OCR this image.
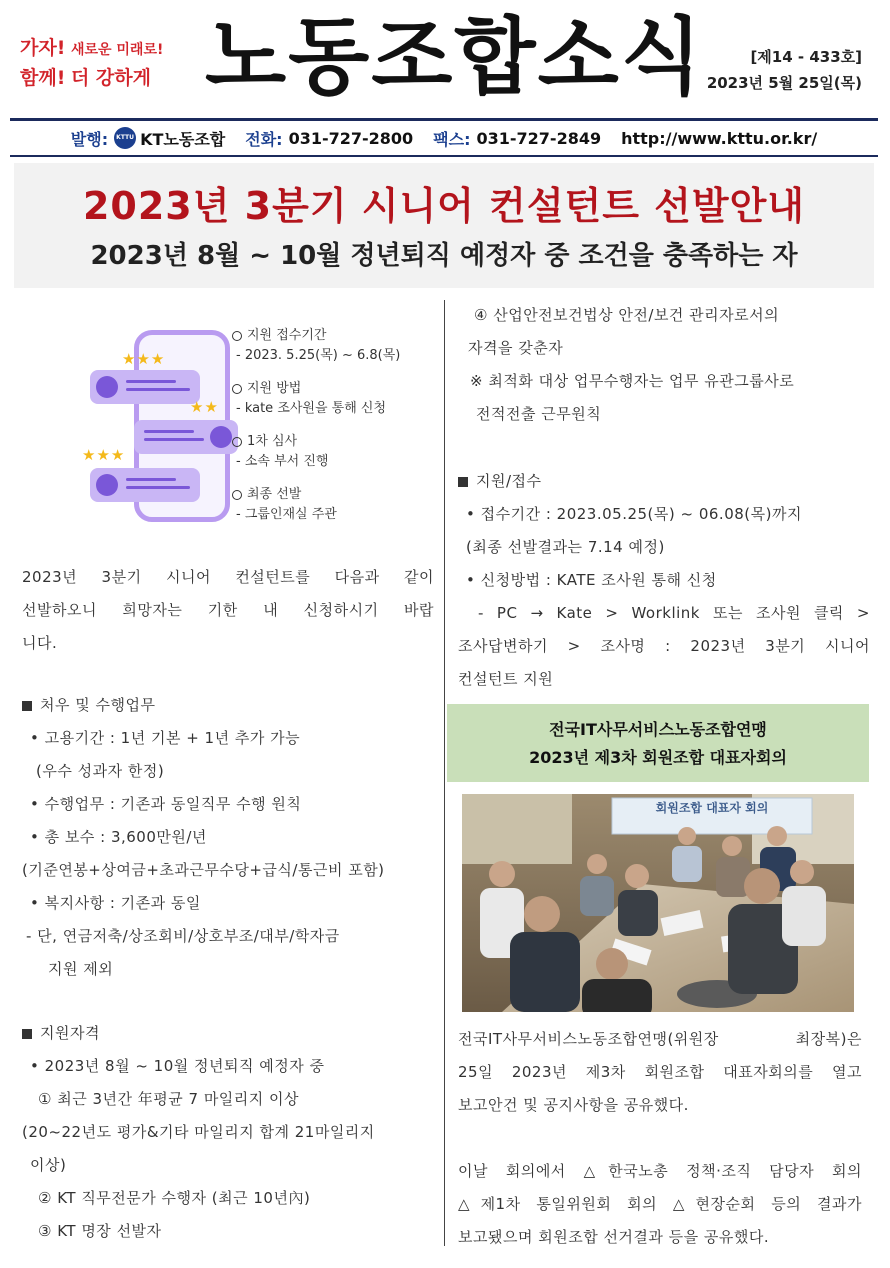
가자! 새로운 미래로!
함께! 더 강하게 노동조합소식	[제14 - 433호]
2023년 5월 25일(목)
발행:	KTTU KT노동조합 전화: 031-727-2800 팩스: 031-727-2849 http://www.kttu.or.kr/
2023년 3분기 시니어 컨설턴트 선발안내
2023년 8월 ~ 10월 정년퇴직 예정자 중 조건을 충족하는 자
★★★
★★
★★★
지원 접수기간
- 2023. 5.25(목) ~ 6.8(목)
지원 방법
- kate 조사원을 통해 신청
1차 심사
- 소속 부서 진행
최종 선발
- 그룹인재실 주관
2023년 3분기 시니어 컨설턴트를 다음과 같이
선발하오니 희망자는 기한 내 신청하시기 바랍
니다.
처우 및 수행업무
• 고용기간 : 1년 기본 + 1년 추가 가능
(우수 성과자 한정)
• 수행업무 : 기존과 동일직무 수행 원칙
• 총 보수 : 3,600만원/년
(기준연봉+상여금+초과근무수당+급식/통근비 포함)
• 복지사항 : 기존과 동일
- 단, 연금저축/상조회비/상호부조/대부/학자금
지원 제외
지원자격
• 2023년 8월 ~ 10월 정년퇴직 예정자 중
① 최근 3년간 年평균 7 마일리지 이상
(20~22년도 평가&기타 마일리지 합계 21마일리지
이상)
② KT 직무전문가 수행자 (최근 10년內)
③ KT 명장 선발자
④ 산업안전보건법상 안전/보건 관리자로서의
자격을 갖춘자
※ 최적화 대상 업무수행자는 업무 유관그룹사로
전적전출 근무원칙
지원/접수
• 접수기간 : 2023.05.25(목) ~ 06.08(목)까지
(최종 선발결과는 7.14 예정)
• 신청방법 : KATE 조사원 통해 신청
- PC → Kate > Worklink 또는 조사원 클릭 >
조사답변하기 > 조사명 : 2023년 3분기 시니어
컨설턴트 지원
전국IT사무서비스노동조합연맹
2023년 제3차 회원조합 대표자회의
회원조합 대표자 회의
전국IT사무서비스노동조합연맹(위원장 최장복)은
25일 2023년 제3차 회원조합 대표자회의를 열고
보고안건 및 공지사항을 공유했다.
이날 회의에서 △한국노총 정책·조직 담당자 회의
△제1차 통일위원회 회의 △현장순회 등의 결과가
보고됐으며 회원조합 선거결과 등을 공유했다.
